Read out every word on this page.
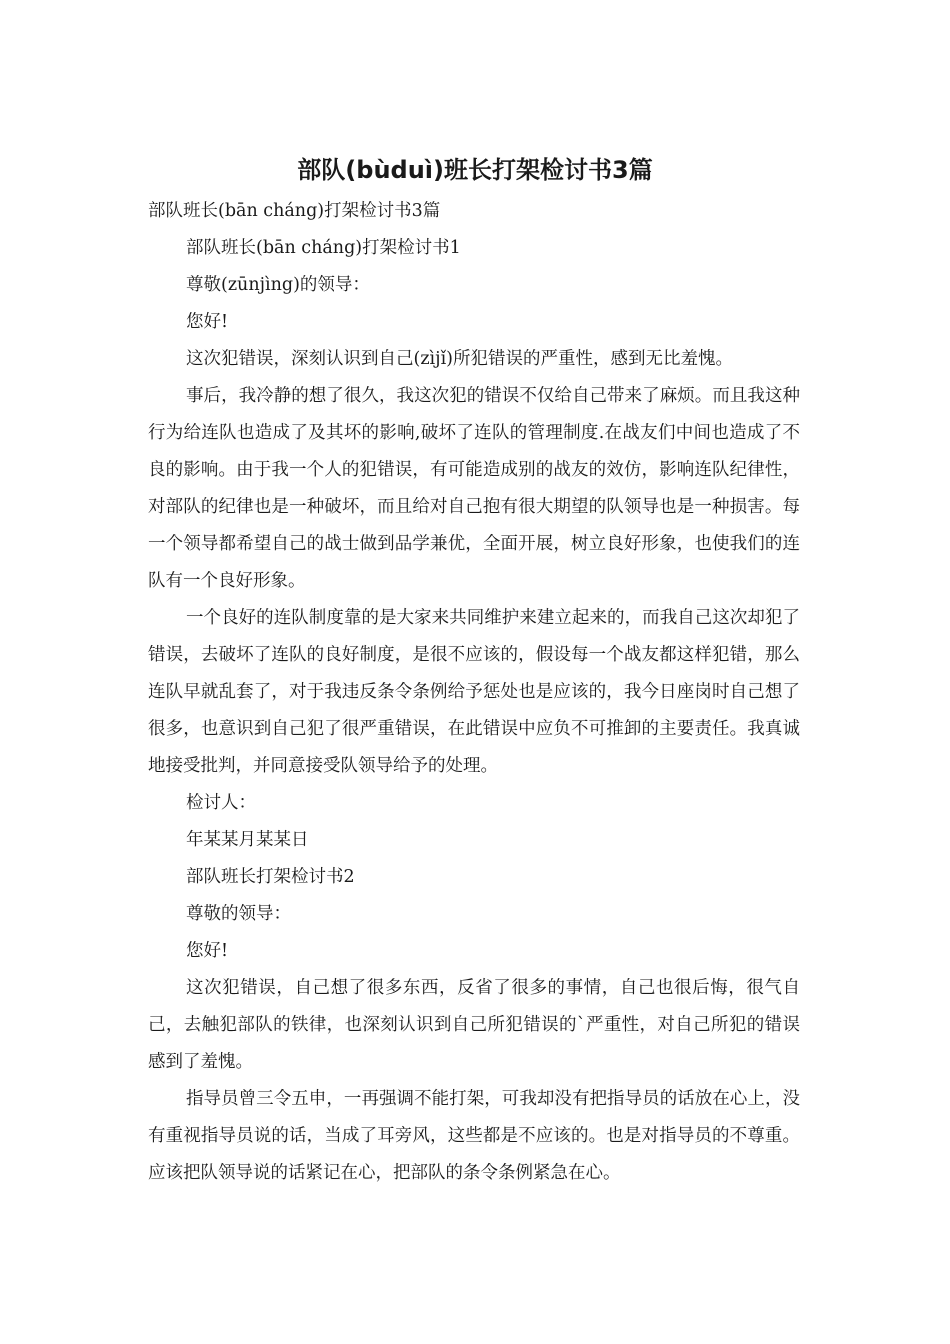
部队(bùduì)班长打架检讨书3篇

部队班长(bān cháng)打架检讨书3篇

部队班长(bān cháng)打架检讨书1

尊敬(zūnjìng)的领导：

您好!

这次犯错误，深刻认识到自己(zìjǐ)所犯错误的严重性，感到无比羞愧。

事后，我冷静的想了很久，我这次犯的错误不仅给自己带来了麻烦。而且我这种行为给连队也造成了及其坏的影响,破坏了连队的管理制度.在战友们中间也造成了不良的影响。由于我一个人的犯错误，有可能造成别的战友的效仿，影响连队纪律性，对部队的纪律也是一种破坏，而且给对自己抱有很大期望的队领导也是一种损害。每一个领导都希望自己的战士做到品学兼优，全面开展，树立良好形象，也使我们的连队有一个良好形象。

一个良好的连队制度靠的是大家来共同维护来建立起来的，而我自己这次却犯了错误，去破坏了连队的良好制度，是很不应该的，假设每一个战友都这样犯错，那么连队早就乱套了，对于我违反条令条例给予惩处也是应该的，我今日座岗时自己想了很多，也意识到自己犯了很严重错误，在此错误中应负不可推卸的主要责任。我真诚地接受批判，并同意接受队领导给予的处理。

检讨人：

年某某月某某日

部队班长打架检讨书2

尊敬的领导：

您好!

这次犯错误，自己想了很多东西，反省了很多的事情，自己也很后悔，很气自己，去触犯部队的铁律，也深刻认识到自己所犯错误的`严重性，对自己所犯的错误感到了羞愧。

指导员曾三令五申，一再强调不能打架，可我却没有把指导员的话放在心上，没有重视指导员说的话，当成了耳旁风，这些都是不应该的。也是对指导员的不尊重。应该把队领导说的话紧记在心，把部队的条令条例紧急在心。
